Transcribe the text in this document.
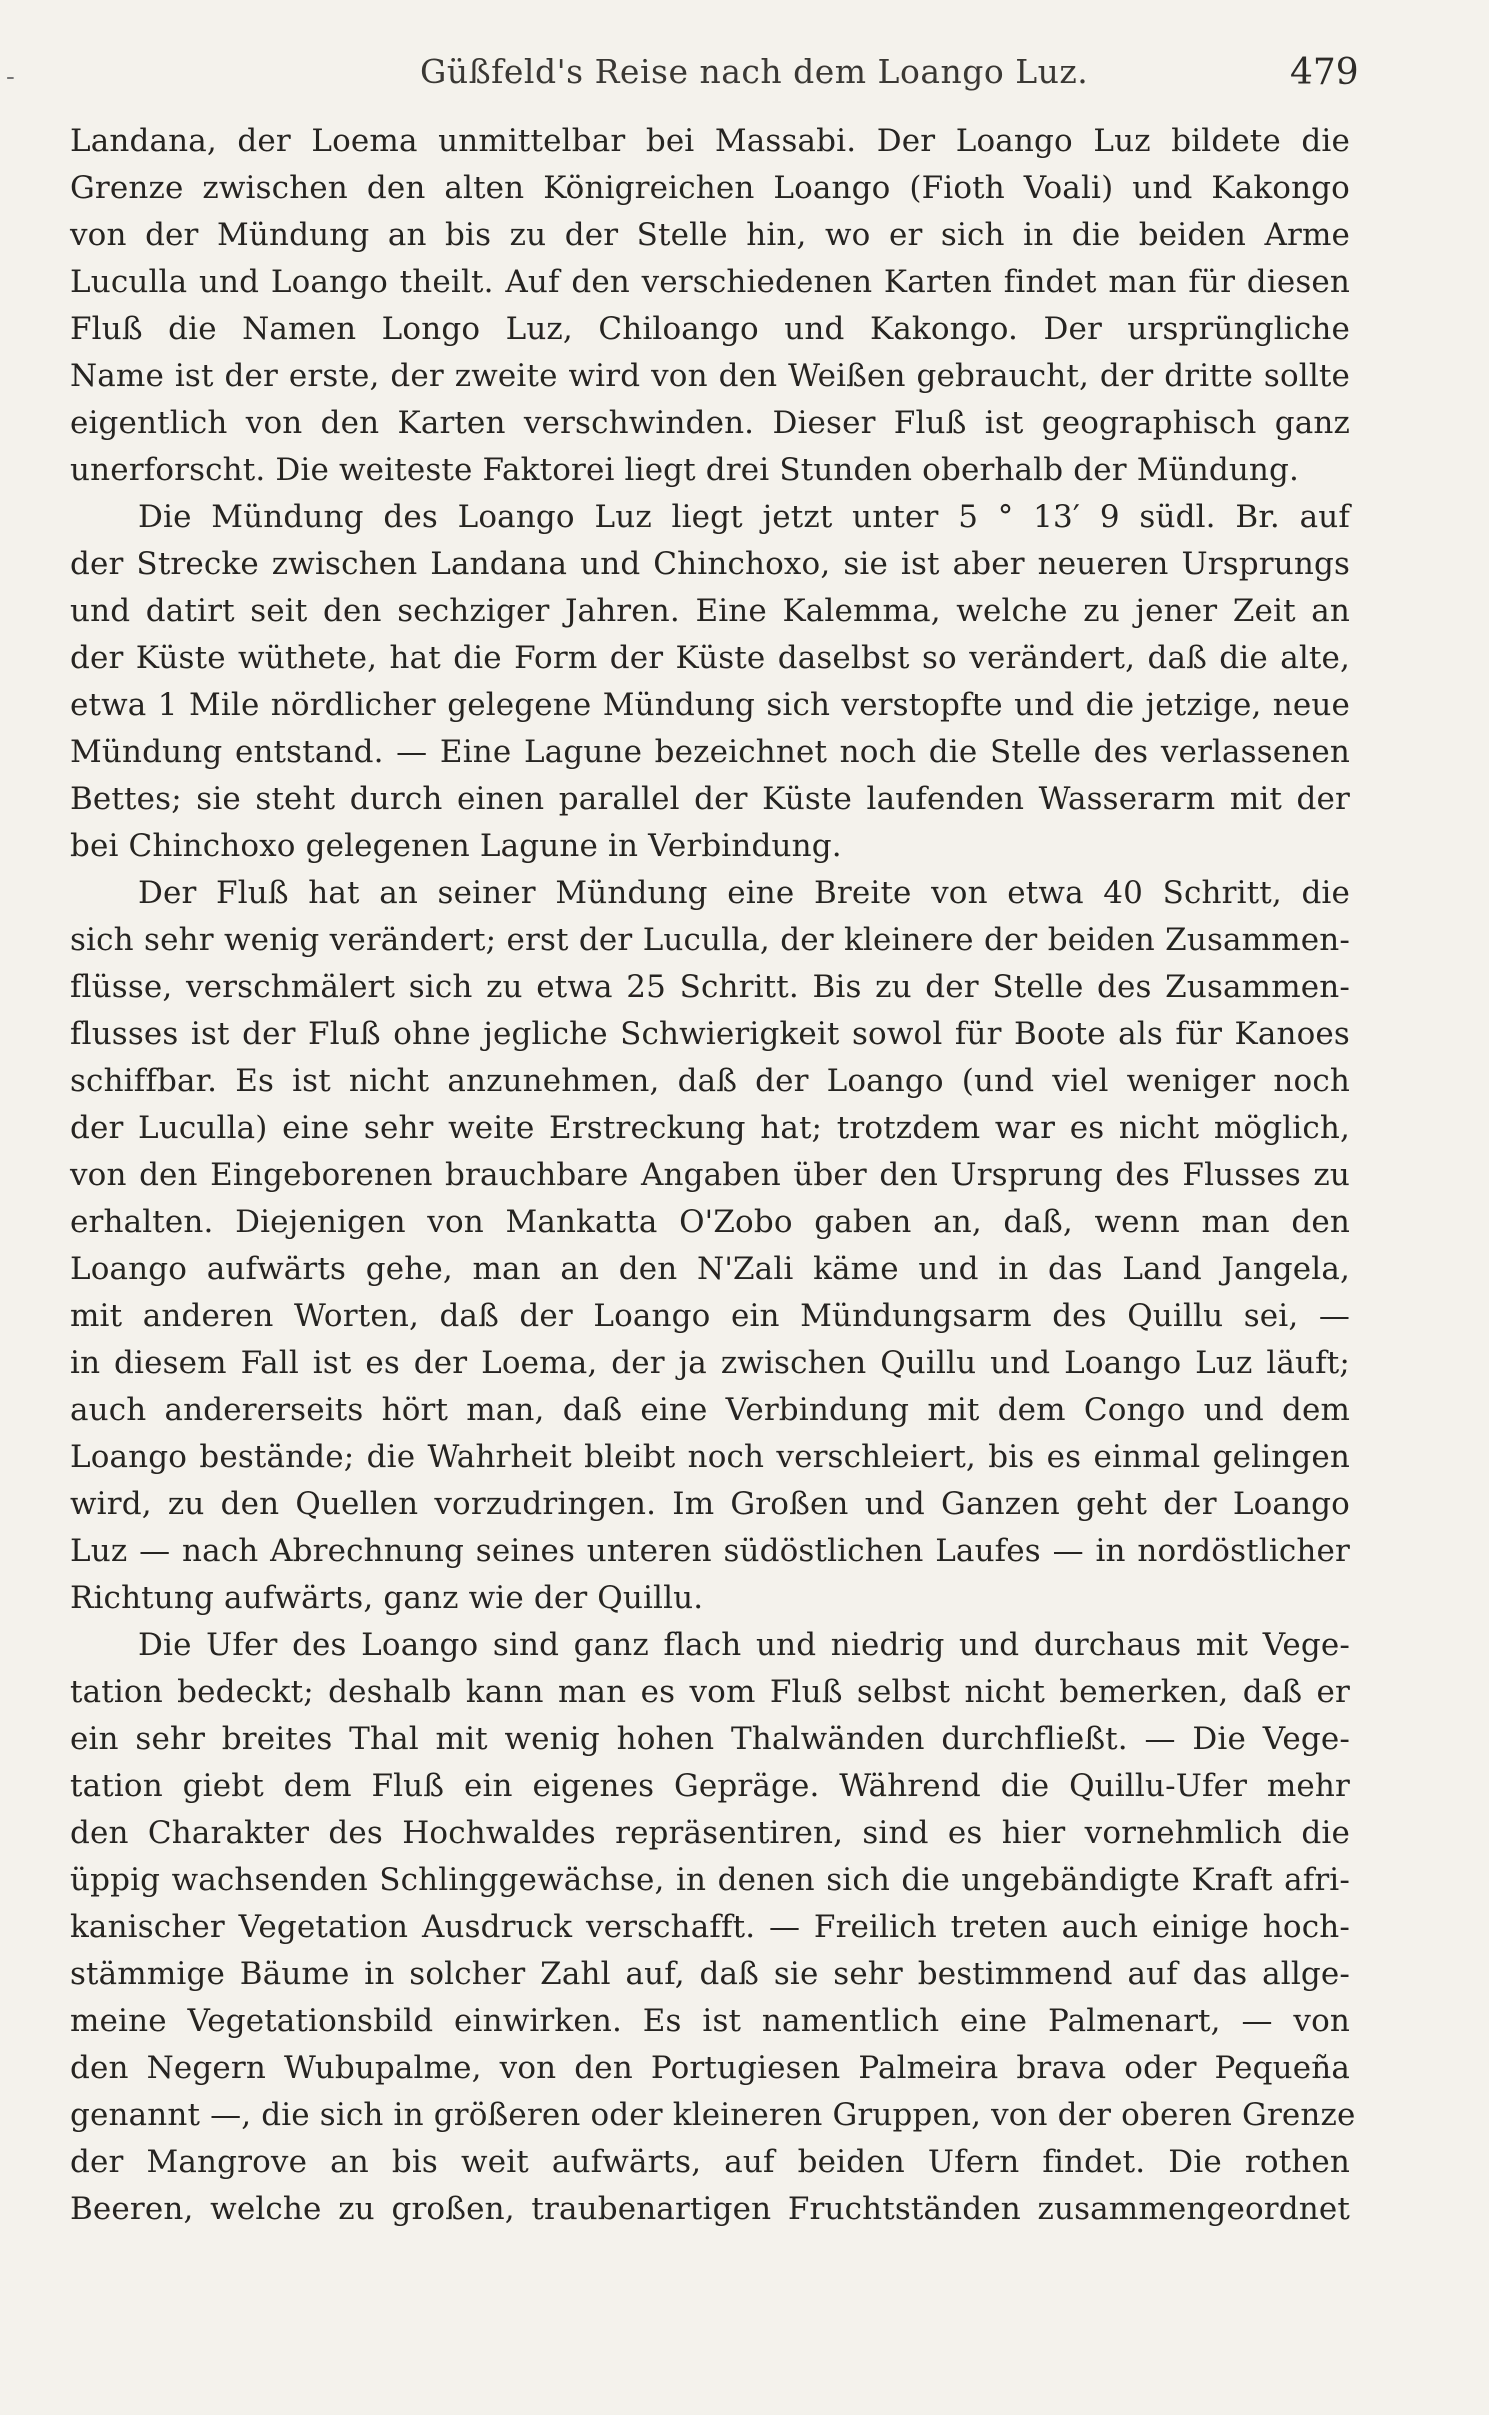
-	Güßfeld's Reise nach dem Loango Luz.	479
Landana, der Loema unmittelbar bei Massabi. Der Loango Luz bildete die
Grenze zwischen den alten Königreichen Loango (Fioth Voali) und Kakongo
von der Mündung an bis zu der Stelle hin, wo er sich in die beiden Arme
Luculla und Loango theilt. Auf den verschiedenen Karten findet man für diesen
Fluß die Namen Longo Luz, Chiloango und Kakongo. Der ursprüngliche
Name ist der erste, der zweite wird von den Weißen gebraucht, der dritte sollte
eigentlich von den Karten verschwinden. Dieser Fluß ist geographisch ganz
unerforscht. Die weiteste Faktorei liegt drei Stunden oberhalb der Mündung.
Die Mündung des Loango Luz liegt jetzt unter 5 ° 13′ 9 südl. Br. auf
der Strecke zwischen Landana und Chinchoxo, sie ist aber neueren Ursprungs
und datirt seit den sechziger Jahren. Eine Kalemma, welche zu jener Zeit an
der Küste wüthete, hat die Form der Küste daselbst so verändert, daß die alte,
etwa 1 Mile nördlicher gelegene Mündung sich verstopfte und die jetzige, neue
Mündung entstand. — Eine Lagune bezeichnet noch die Stelle des verlassenen
Bettes; sie steht durch einen parallel der Küste laufenden Wasserarm mit der
bei Chinchoxo gelegenen Lagune in Verbindung.
Der Fluß hat an seiner Mündung eine Breite von etwa 40 Schritt, die
sich sehr wenig verändert; erst der Luculla, der kleinere der beiden Zusammen-
flüsse, verschmälert sich zu etwa 25 Schritt. Bis zu der Stelle des Zusammen-
flusses ist der Fluß ohne jegliche Schwierigkeit sowol für Boote als für Kanoes
schiffbar. Es ist nicht anzunehmen, daß der Loango (und viel weniger noch
der Luculla) eine sehr weite Erstreckung hat; trotzdem war es nicht möglich,
von den Eingeborenen brauchbare Angaben über den Ursprung des Flusses zu
erhalten. Diejenigen von Mankatta O'Zobo gaben an, daß, wenn man den
Loango aufwärts gehe, man an den N'Zali käme und in das Land Jangela,
mit anderen Worten, daß der Loango ein Mündungsarm des Quillu sei, —
in diesem Fall ist es der Loema, der ja zwischen Quillu und Loango Luz läuft;
auch andererseits hört man, daß eine Verbindung mit dem Congo und dem
Loango bestände; die Wahrheit bleibt noch verschleiert, bis es einmal gelingen
wird, zu den Quellen vorzudringen. Im Großen und Ganzen geht der Loango
Luz — nach Abrechnung seines unteren südöstlichen Laufes — in nordöstlicher
Richtung aufwärts, ganz wie der Quillu.
Die Ufer des Loango sind ganz flach und niedrig und durchaus mit Vege-
tation bedeckt; deshalb kann man es vom Fluß selbst nicht bemerken, daß er
ein sehr breites Thal mit wenig hohen Thalwänden durchfließt. — Die Vege-
tation giebt dem Fluß ein eigenes Gepräge. Während die Quillu-Ufer mehr
den Charakter des Hochwaldes repräsentiren, sind es hier vornehmlich die
üppig wachsenden Schlinggewächse, in denen sich die ungebändigte Kraft afri-
kanischer Vegetation Ausdruck verschafft. — Freilich treten auch einige hoch-
stämmige Bäume in solcher Zahl auf, daß sie sehr bestimmend auf das allge-
meine Vegetationsbild einwirken. Es ist namentlich eine Palmenart, — von
den Negern Wubupalme, von den Portugiesen Palmeira brava oder Pequeña
genannt —, die sich in größeren oder kleineren Gruppen, von der oberen Grenze
der Mangrove an bis weit aufwärts, auf beiden Ufern findet. Die rothen
Beeren, welche zu großen, traubenartigen Fruchtständen zusammengeordnet
